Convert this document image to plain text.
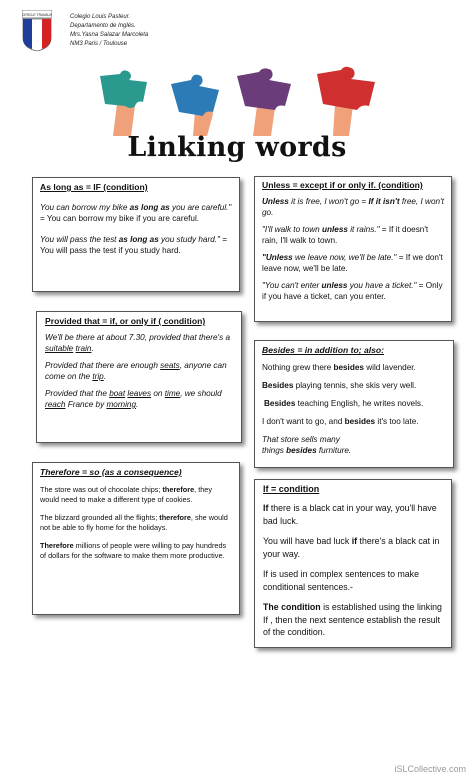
CERCLE TRAVAUX	Colegio Louis Pasteur.
Departamento de Inglés.
Mrs.Yasna Salazar Marcoleta
NM3 Paris / Toulouse
Linking words
As long as = IF (condition)

You can borrow my bike as long as you are careful." = You can borrow my bike if you are careful.

You will pass the test as long as you study hard." = You will pass the test if you study hard.

Unless = except if or only if. (condition)

Unless it is free, I won't go = If it isn't free, I won't go.

"I'll walk to town unless it rains." = If it doesn't rain, I'll walk to town.

"Unless we leave now, we'll be late." = If we don't leave now, we'll be late.

"You can't enter unless you have a ticket." = Only if you have a ticket, can you enter.

Provided that = if, or only if ( condition)

We'll be there at about 7.30, provided that there's a suitable train.

Provided that there are enough seats, anyone can come on the trip.

Provided that the boat leaves on time, we should reach France by morning.

Besides = in addition to; also:

Nothing grew there besides wild lavender.

Besides playing tennis, she skis very well.

Besides teaching English, he writes novels.

I don't want to go, and besides it's too late.

That store sells many
things besides furniture.

Therefore = so (as a consequence)

The store was out of chocolate chips; therefore, they would need to make a different type of cookies.

The blizzard grounded all the flights; therefore, she would not be able to fly home for the holidays.

Therefore millions of people were willing to pay hundreds of dollars for the software to make them more productive.

If = condition

If there is a black cat in your way, you'll have bad luck.

You will have bad luck if there's a black cat in your way.

If is used in complex sentences to make conditional sentences.-

The condition is established using the linking If , then the next sentence establish the result of the condition.

iSLCollective.com
